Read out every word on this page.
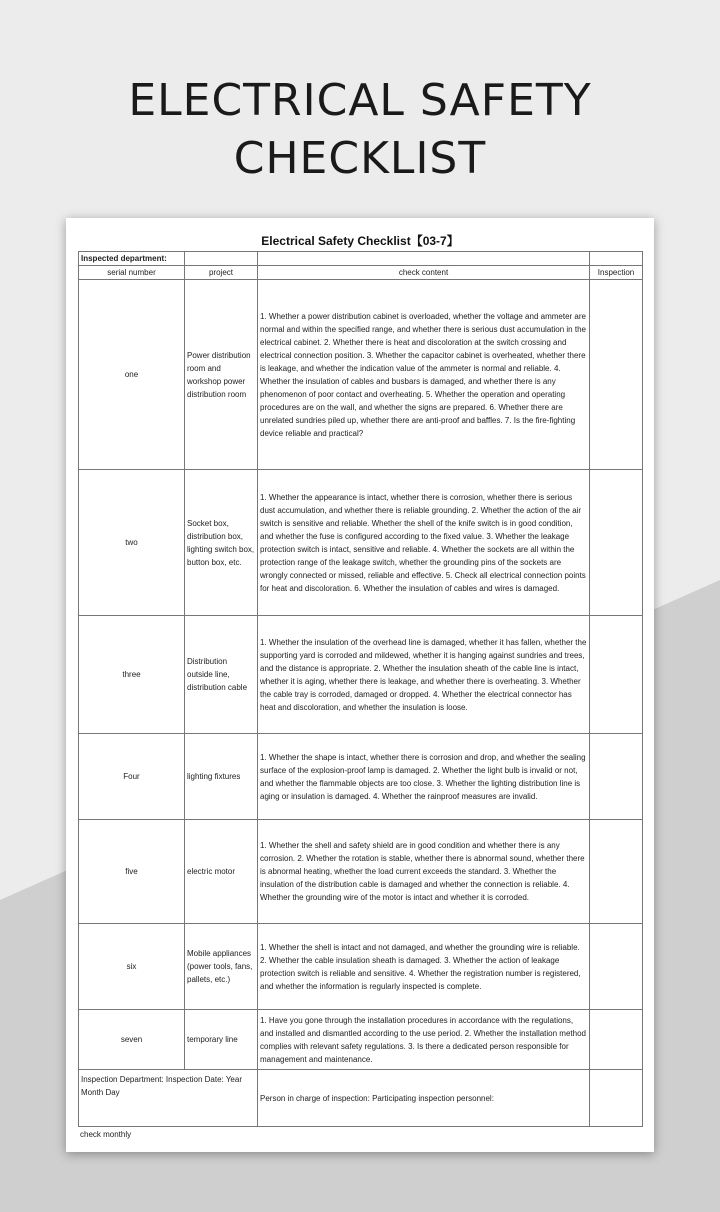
ELECTRICAL SAFETY CHECKLIST
Electrical Safety Checklist【03-7】
Inspected department:			
serial number	project	check content	Inspection
one	Power distribution room and workshop power distribution room	1. Whether a power distribution cabinet is overloaded, whether the voltage and ammeter are normal and within the specified range, and whether there is serious dust accumulation in the electrical cabinet. 2. Whether there is heat and discoloration at the switch crossing and electrical connection position. 3. Whether the capacitor cabinet is overheated, whether there is leakage, and whether the indication value of the ammeter is normal and reliable. 4. Whether the insulation of cables and busbars is damaged, and whether there is any phenomenon of poor contact and overheating. 5. Whether the operation and operating procedures are on the wall, and whether the signs are prepared. 6. Whether there are unrelated sundries piled up, whether there are anti-proof and baffles. 7. Is the fire-fighting device reliable and practical?	
two	Socket box, distribution box, lighting switch box, button box, etc.	1. Whether the appearance is intact, whether there is corrosion, whether there is serious dust accumulation, and whether there is reliable grounding. 2. Whether the action of the air switch is sensitive and reliable. Whether the shell of the knife switch is in good condition, and whether the fuse is configured according to the fixed value. 3. Whether the leakage protection switch is intact, sensitive and reliable. 4. Whether the sockets are all within the protection range of the leakage switch, whether the grounding pins of the sockets are wrongly connected or missed, reliable and effective. 5. Check all electrical connection points for heat and discoloration. 6. Whether the insulation of cables and wires is damaged.	
three	Distribution outside line, distribution cable	1. Whether the insulation of the overhead line is damaged, whether it has fallen, whether the supporting yard is corroded and mildewed, whether it is hanging against sundries and trees, and the distance is appropriate. 2. Whether the insulation sheath of the cable line is intact, whether it is aging, whether there is leakage, and whether there is overheating. 3. Whether the cable tray is corroded, damaged or dropped. 4. Whether the electrical connector has heat and discoloration, and whether the insulation is loose.	
Four	lighting fixtures	1. Whether the shape is intact, whether there is corrosion and drop, and whether the sealing surface of the explosion-proof lamp is damaged. 2. Whether the light bulb is invalid or not, and whether the flammable objects are too close. 3. Whether the lighting distribution line is aging or insulation is damaged. 4. Whether the rainproof measures are invalid.	
five	electric motor	1. Whether the shell and safety shield are in good condition and whether there is any corrosion. 2. Whether the rotation is stable, whether there is abnormal sound, whether there is abnormal heating, whether the load current exceeds the standard. 3. Whether the insulation of the distribution cable is damaged and whether the connection is reliable. 4. Whether the grounding wire of the motor is intact and whether it is corroded.	
six	Mobile appliances (power tools, fans, pallets, etc.)	1. Whether the shell is intact and not damaged, and whether the grounding wire is reliable. 2. Whether the cable insulation sheath is damaged. 3. Whether the action of leakage protection switch is reliable and sensitive. 4. Whether the registration number is registered, and whether the information is regularly inspected is complete.	
seven	temporary line	1. Have you gone through the installation procedures in accordance with the regulations, and installed and dismantled according to the use period. 2. Whether the installation method complies with relevant safety regulations. 3. Is there a dedicated person responsible for management and maintenance.	
Inspection Department: Inspection Date: Year Month Day		Person in charge of inspection: Participating inspection personnel:	
check monthly
